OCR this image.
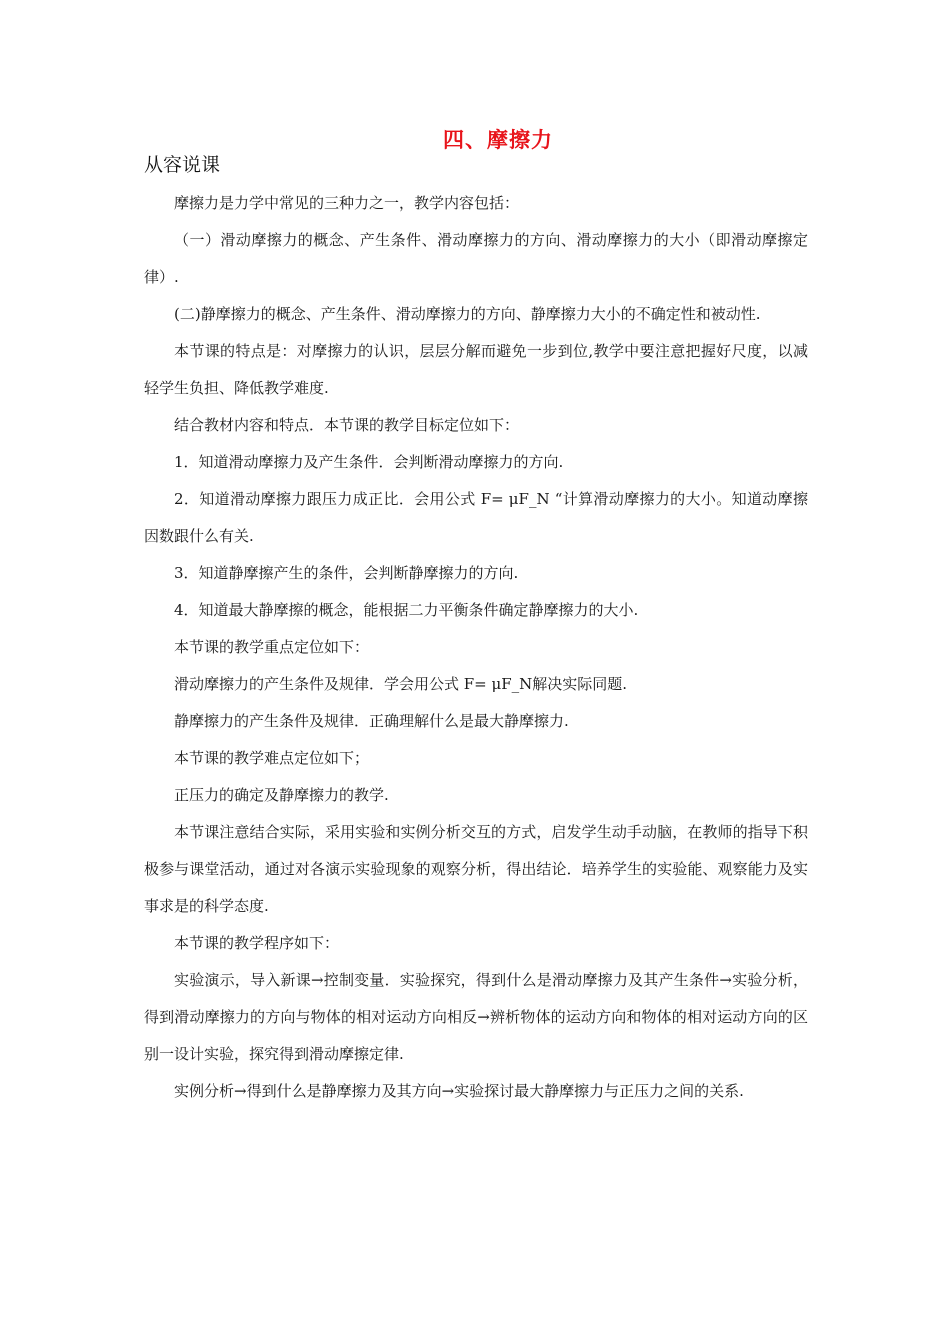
四、摩擦力
从容说课

摩擦力是力学中常见的三种力之一，教学内容包括：

（一）滑动摩擦力的概念、产生条件、滑动摩擦力的方向、滑动摩擦力的大小（即滑动摩擦定律）.

(二)静摩擦力的概念、产生条件、滑动摩擦力的方向、静摩擦力大小的不确定性和被动性.

本节课的特点是：对摩擦力的认识，层层分解而避免一步到位,教学中要注意把握好尺度，以减轻学生负担、降低教学难度.

结合教材内容和特点．本节课的教学目标定位如下：

1．知道滑动摩擦力及产生条件．会判断滑动摩擦力的方向.

2．知道滑动摩擦力跟压力成正比．会用公式 F= μF_N “计算滑动摩擦力的大小。知道动摩擦因数跟什么有关.

3．知道静摩擦产生的条件，会判断静摩擦力的方向.

4．知道最大静摩擦的概念，能根据二力平衡条件确定静摩擦力的大小.

本节课的教学重点定位如下：

滑动摩擦力的产生条件及规律．学会用公式 F= μF_N解决实际同题.

静摩擦力的产生条件及规律．正确理解什么是最大静摩擦力.

本节课的教学难点定位如下；

正压力的确定及静摩擦力的教学.

本节课注意结合实际，采用实验和实例分析交互的方式，启发学生动手动脑，在教师的指导下积极参与课堂活动，通过对各演示实验现象的观察分析，得出结论．培养学生的实验能、观察能力及实事求是的科学态度.

本节课的教学程序如下：

实验演示，导入新课→控制变量．实验探究，得到什么是滑动摩擦力及其产生条件→实验分析，得到滑动摩擦力的方向与物体的相对运动方向相反→辨析物体的运动方向和物体的相对运动方向的区别一设计实验，探究得到滑动摩擦定律.

实例分析→得到什么是静摩擦力及其方向→实验探讨最大静摩擦力与正压力之间的关系.
